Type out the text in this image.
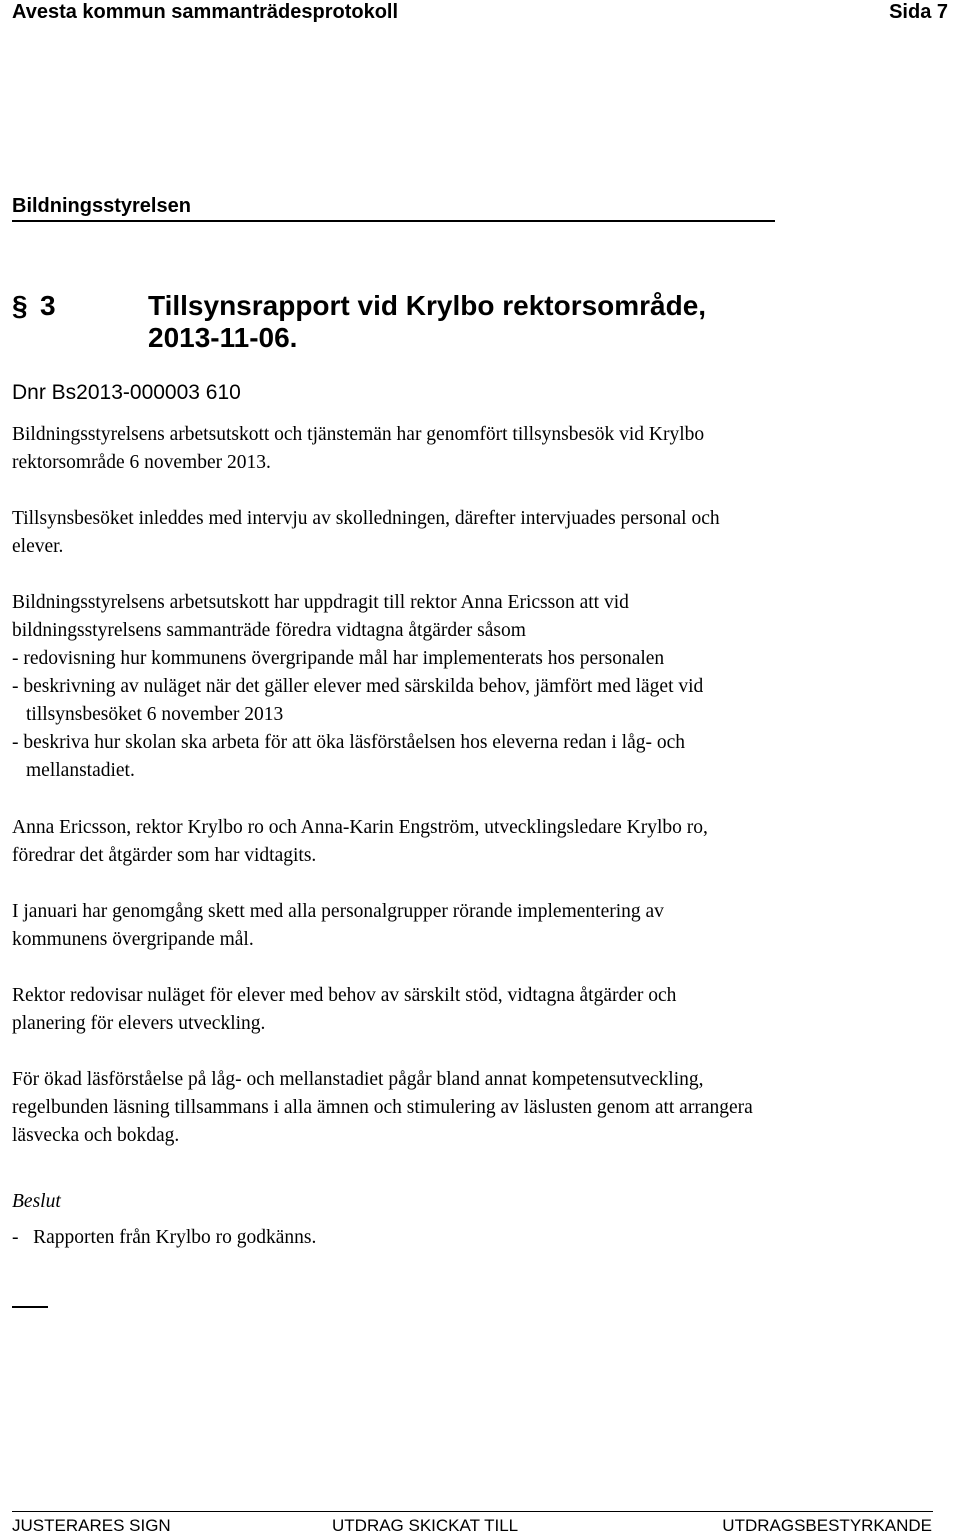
Avesta kommun sammanträdesprotokoll	Sida 7
Bildningsstyrelsen
§ 3	Tillsynsrapport vid Krylbo rektorsområde,
2013-11-06.
Dnr Bs2013-000003 610

Bildningsstyrelsens arbetsutskott och tjänstemän har genomfört tillsynsbesök vid Krylbo

rektorsområde 6 november 2013.

Tillsynsbesöket inleddes med intervju av skolledningen, därefter intervjuades personal och

elever.

Bildningsstyrelsens arbetsutskott har uppdragit till rektor Anna Ericsson att vid

bildningsstyrelsens sammanträde föredra vidtagna åtgärder såsom

- redovisning hur kommunens övergripande mål har implementerats hos personalen

- beskrivning av nuläget när det gäller elever med särskilda behov, jämfört med läget vid

tillsynsbesöket 6 november 2013

- beskriva hur skolan ska arbeta för att öka läsförståelsen hos eleverna redan i låg- och

mellanstadiet.

Anna Ericsson, rektor Krylbo ro och Anna-Karin Engström, utvecklingsledare Krylbo ro,

föredrar det åtgärder som har vidtagits.

I januari har genomgång skett med alla personalgrupper rörande implementering av

kommunens övergripande mål.

Rektor redovisar nuläget för elever med behov av särskilt stöd, vidtagna åtgärder och

planering för elevers utveckling.

För ökad läsförståelse på låg- och mellanstadiet pågår bland annat kompetensutveckling,

regelbunden läsning tillsammans i alla ämnen och stimulering av läslusten genom att arrangera

läsvecka och bokdag.

Beslut

-   Rapporten från Krylbo ro godkänns.

JUSTERARES SIGN	UTDRAG SKICKAT TILL	UTDRAGSBESTYRKANDE
